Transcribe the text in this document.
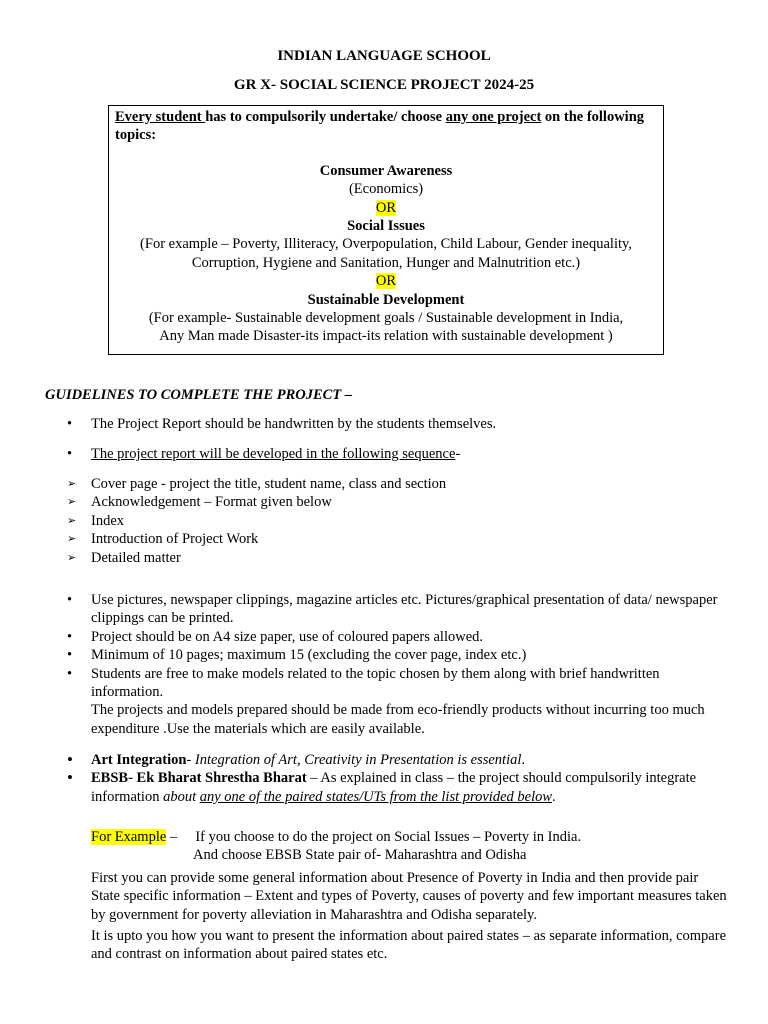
INDIAN LANGUAGE SCHOOL
GR X- SOCIAL SCIENCE PROJECT 2024-25

Every student has to compulsorily undertake/ choose any one project on the following topics:

Consumer Awareness

(Economics)

OR

Social Issues

(For example – Poverty, Illiteracy, Overpopulation, Child Labour, Gender inequality,

Corruption, Hygiene and Sanitation, Hunger and Malnutrition etc.)

OR

Sustainable Development

(For example- Sustainable development goals / Sustainable development in India,

Any Man made Disaster-its impact-its relation with sustainable development )

GUIDELINES TO COMPLETE THE PROJECT –
• The Project Report should be handwritten by the students themselves.
• The project report will be developed in the following sequence-
➢ Cover page - project the title, student name, class and section
➢ Acknowledgement – Format given below
➢ Index
➢ Introduction of Project Work
➢ Detailed matter
• Use pictures, newspaper clippings, magazine articles etc. Pictures/graphical presentation of data/ newspaper clippings can be printed.
• Project should be on A4 size paper, use of coloured papers allowed.
• Minimum of 10 pages; maximum 15 (excluding the cover page, index etc.)
• Students are free to make models related to the topic chosen by them along with brief handwritten information.
The projects and models prepared should be made from eco-friendly products without incurring too much expenditure .Use the materials which are easily available.
• Art Integration- Integration of Art, Creativity in Presentation is essential.
• EBSB- Ek Bharat Shrestha Bharat – As explained in class – the project should compulsorily integrate information about any one of the paired states/UTs from the list provided below.
For Example –     If you choose to do the project on Social Issues – Poverty in India.
And choose EBSB State pair of- Maharashtra and Odisha
First you can provide some general information about Presence of Poverty in India and then provide pair State specific information – Extent and types of Poverty, causes of poverty and few important measures taken by government for poverty alleviation in Maharashtra and Odisha separately.
It is upto you how you want to present the information about paired states – as separate information, compare and contrast on information about paired states etc.
